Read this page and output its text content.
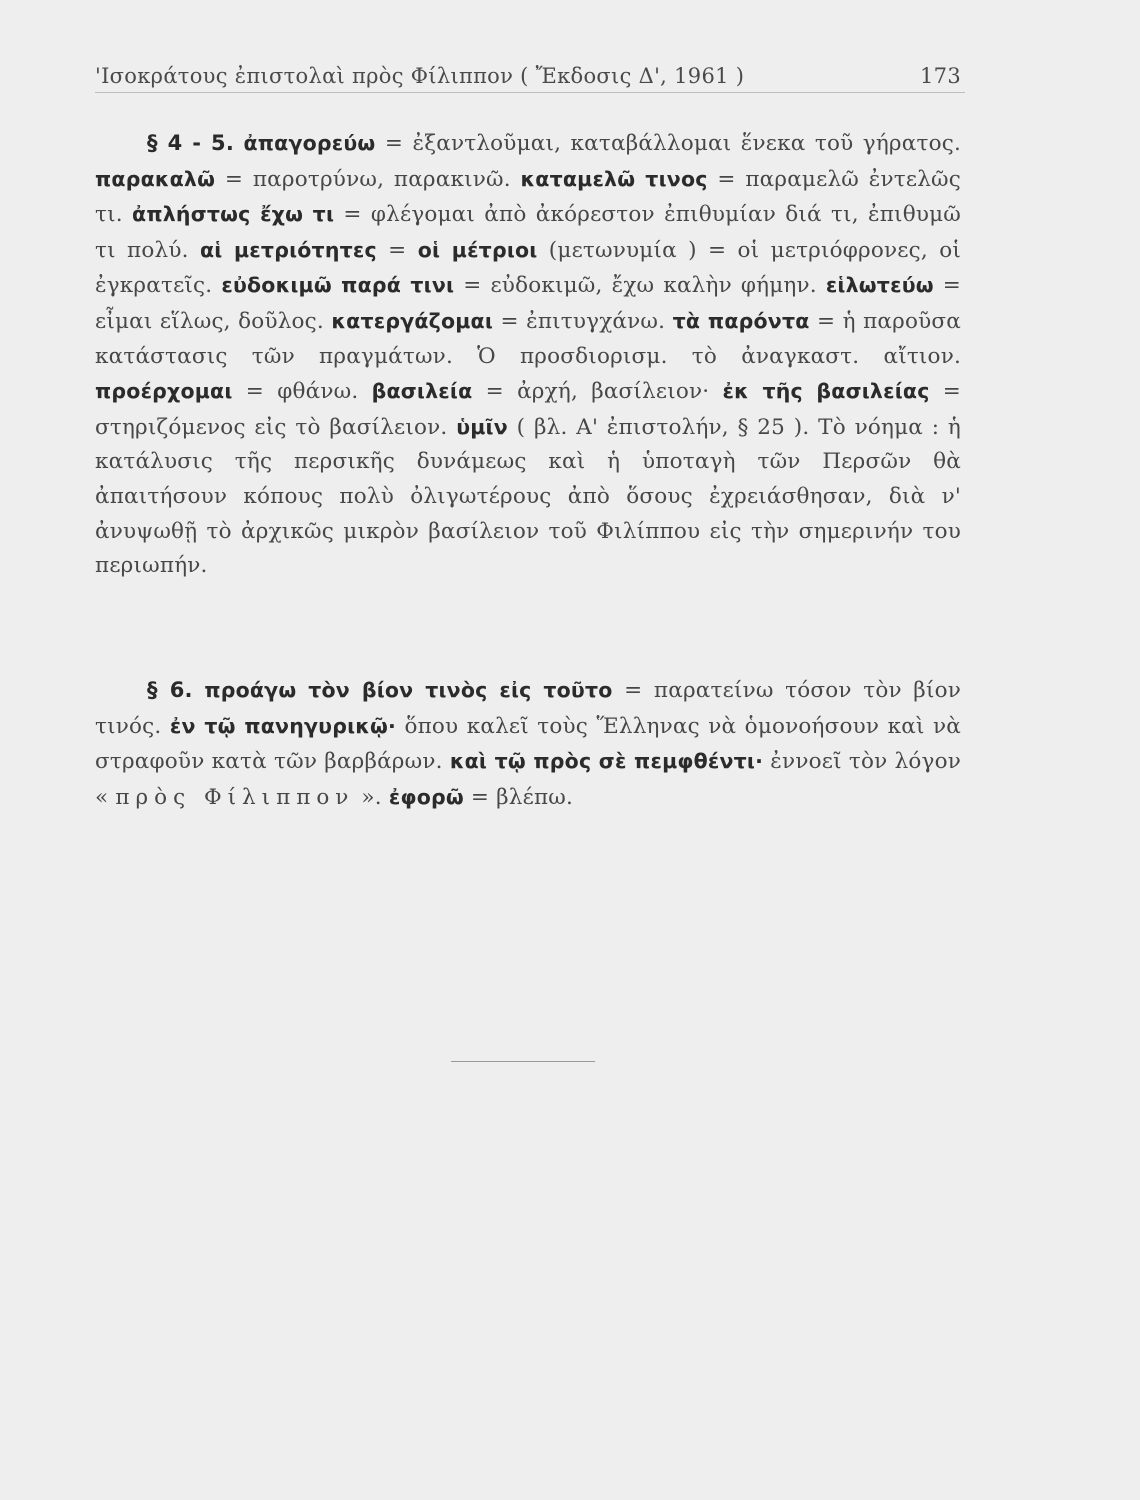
'Ισοκράτους ἐπιστολαὶ πρὸς Φίλιππον ( Ἔκδοσις Δ', 1961 )	173

§ 4 - 5. ἀπαγορεύω = ἐξαντλοῦμαι, καταβάλλομαι ἕνεκα τοῦ γήρατος. παρακαλῶ = παροτρύνω, παρακινῶ. καταμελῶ τινος = παραμελῶ ἐντελῶς τι. ἀπλήστως ἔχω τι = φλέγομαι ἀπὸ ἀκόρεστον ἐπιθυμίαν διά τι, ἐπιθυμῶ τι πολύ. αἱ μετριότητες = οἱ μέτριοι (μετωνυμία ) = οἱ μετριόφρονες, οἱ ἐγκρατεῖς. εὐδοκιμῶ παρά τινι = εὐδοκιμῶ, ἔχω καλὴν φήμην. εἱλωτεύω = εἶμαι εἵλως, δοῦλος. κατεργάζομαι = ἐπιτυγχάνω. τὰ παρόντα = ἡ παροῦσα κατάστασις τῶν πραγμάτων. Ὁ προσδιορισμ. τὸ ἀναγκαστ. αἴτιον. προέρχομαι = φθάνω. βασιλεία = ἀρχή, βασίλειον· ἐκ τῆς βασιλείας = στηριζόμενος εἰς τὸ βασίλειον. ὑμῖν ( βλ. Α' ἐπιστολήν, § 25 ). Τὸ νόημα : ἡ κατάλυσις τῆς περσικῆς δυνάμεως καὶ ἡ ὑποταγὴ τῶν Περσῶν θὰ ἀπαιτήσουν κόπους πολὺ ὀλιγωτέρους ἀπὸ ὅσους ἐχρειάσθησαν, διὰ ν' ἀνυψωθῇ τὸ ἀρχικῶς μικρὸν βασίλειον τοῦ Φιλίππου εἰς τὴν σημερινήν του περιωπήν.

§ 6. προάγω τὸν βίον τινὸς εἰς τοῦτο = παρατείνω τόσον τὸν βίον τινός. ἐν τῷ πανηγυρικῷ· ὅπου καλεῖ τοὺς Ἕλληνας νὰ ὁμονοήσουν καὶ νὰ στραφοῦν κατὰ τῶν βαρβάρων. καὶ τῷ πρὸς σὲ πεμφθέντι· ἐννοεῖ τὸν λόγον « πρὸς Φίλιππον ». ἐφορῶ = βλέπω.
